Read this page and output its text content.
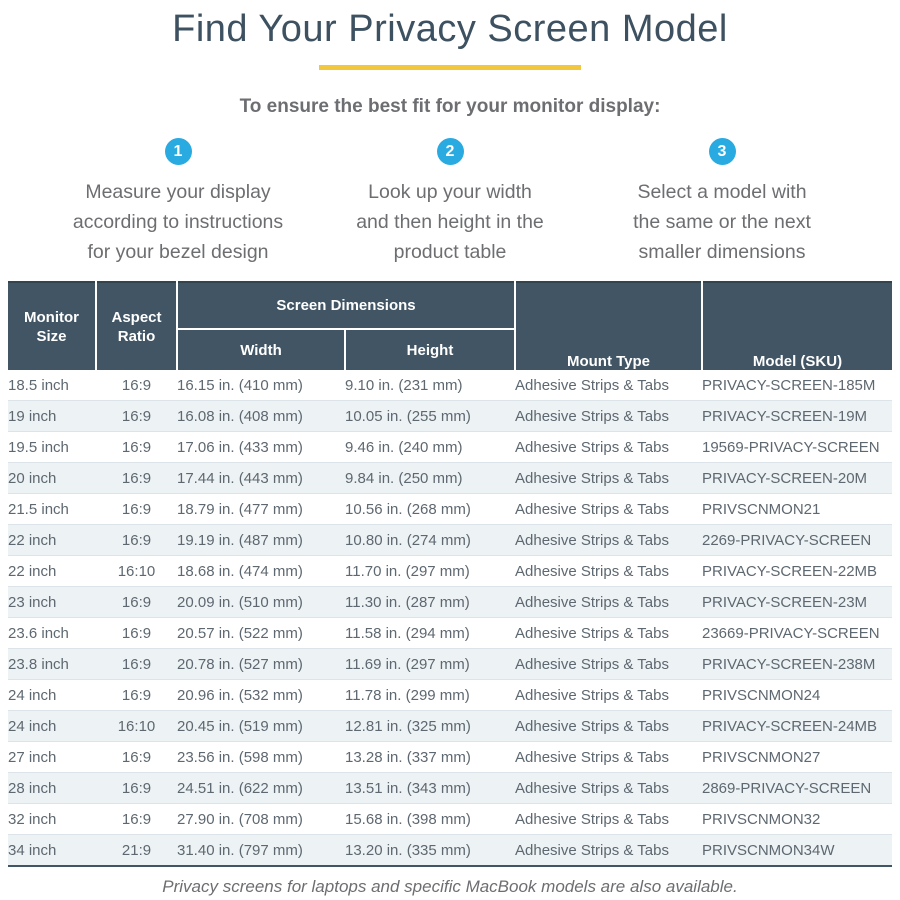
Find Your Privacy Screen Model
To ensure the best fit for your monitor display:
1
Measure your display
according to instructions
for your bezel design
2
Look up your width
and then height in the
product table
3
Select a model with
the same or the next
smaller dimensions
Monitor Size	Aspect Ratio	Screen Dimensions		Mount Type	Model (SKU)
		Width	Height		
18.5 inch	16:9	16.15 in. (410 mm)	9.10 in. (231 mm)	Adhesive Strips & Tabs	PRIVACY-SCREEN-185M
19 inch	16:9	16.08 in. (408 mm)	10.05 in. (255 mm)	Adhesive Strips & Tabs	PRIVACY-SCREEN-19M
19.5 inch	16:9	17.06 in. (433 mm)	9.46 in. (240 mm)	Adhesive Strips & Tabs	19569-PRIVACY-SCREEN
20 inch	16:9	17.44 in. (443 mm)	9.84 in. (250 mm)	Adhesive Strips & Tabs	PRIVACY-SCREEN-20M
21.5 inch	16:9	18.79 in. (477 mm)	10.56 in. (268 mm)	Adhesive Strips & Tabs	PRIVSCNMON21
22 inch	16:9	19.19 in. (487 mm)	10.80 in. (274 mm)	Adhesive Strips & Tabs	2269-PRIVACY-SCREEN
22 inch	16:10	18.68 in. (474 mm)	11.70 in. (297 mm)	Adhesive Strips & Tabs	PRIVACY-SCREEN-22MB
23 inch	16:9	20.09 in. (510 mm)	11.30 in. (287 mm)	Adhesive Strips & Tabs	PRIVACY-SCREEN-23M
23.6 inch	16:9	20.57 in. (522 mm)	11.58 in. (294 mm)	Adhesive Strips & Tabs	23669-PRIVACY-SCREEN
23.8 inch	16:9	20.78 in. (527 mm)	11.69 in. (297 mm)	Adhesive Strips & Tabs	PRIVACY-SCREEN-238M
24 inch	16:9	20.96 in. (532 mm)	11.78 in. (299 mm)	Adhesive Strips & Tabs	PRIVSCNMON24
24 inch	16:10	20.45 in. (519 mm)	12.81 in. (325 mm)	Adhesive Strips & Tabs	PRIVACY-SCREEN-24MB
27 inch	16:9	23.56 in. (598 mm)	13.28 in. (337 mm)	Adhesive Strips & Tabs	PRIVSCNMON27
28 inch	16:9	24.51 in. (622 mm)	13.51 in. (343 mm)	Adhesive Strips & Tabs	2869-PRIVACY-SCREEN
32 inch	16:9	27.90 in. (708 mm)	15.68 in. (398 mm)	Adhesive Strips & Tabs	PRIVSCNMON32
34 inch	21:9	31.40 in. (797 mm)	13.20 in. (335 mm)	Adhesive Strips & Tabs	PRIVSCNMON34W
Privacy screens for laptops and specific MacBook models are also available.
